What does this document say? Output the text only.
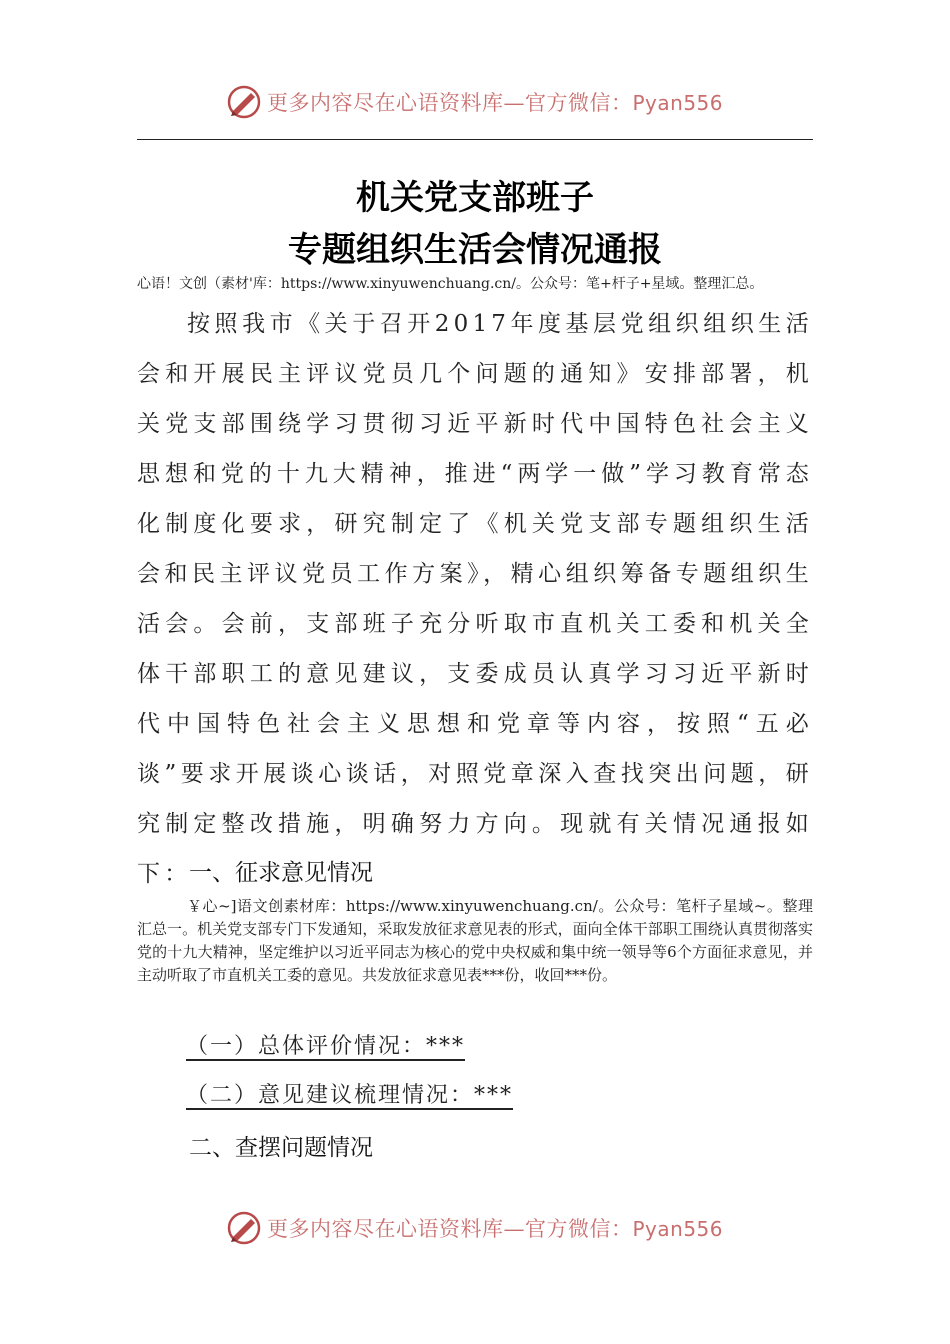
更多内容尽在心语资料库—官方微信：Pyan556
机关党支部班子
专题组织生活会情况通报
心语！文创（素材'库：https://www.xinyuwenchuang.cn/。公众号：笔+杆子+星域。整理汇总。
按照我市《关于召开2017年度基层党组织组织生活会和开展民主评议党员几个问题的通知》安排部署，机关党支部围绕学习贯彻习近平新时代中国特色社会主义思想和党的十九大精神，推进“两学一做”学习教育常态化制度化要求，研究制定了《机关党支部专题组织生活会和民主评议党员工作方案》，精心组织筹备专题组织生活会。会前，支部班子充分听取市直机关工委和机关全体干部职工的意见建议，支委成员认真学习习近平新时代中国特色社会主义思想和党章等内容，按照“五必谈”要求开展谈心谈话，对照党章深入查找突出问题，研究制定整改措施，明确努力方向。现就有关情况通报如下：
一、征求意见情况
￥心~]语文创素材库：https://www.xinyuwenchuang.cn/。公众号：笔杆子星域~。整理汇总一。机关党支部专门下发通知，采取发放征求意见表的形式，面向全体干部职工围绕认真贯彻落实党的十九大精神，坚定维护以习近平同志为核心的党中央权威和集中统一领导等6个方面征求意见，并主动听取了市直机关工委的意见。共发放征求意见表***份，收回***份。
（一）总体评价情况：***
（二）意见建议梳理情况：***
二、查摆问题情况
更多内容尽在心语资料库—官方微信：Pyan556
